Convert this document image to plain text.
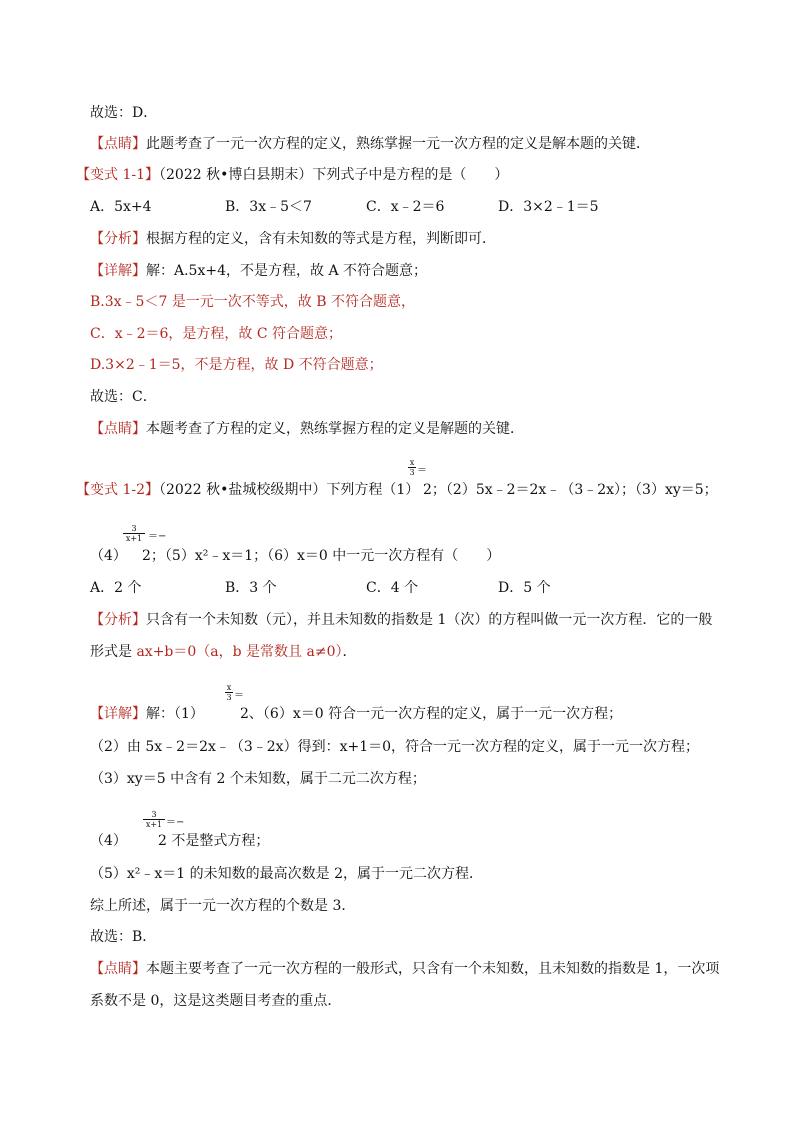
故选：D．
【点睛】此题考查了一元一次方程的定义，熟练掌握一元一次方程的定义是解本题的关键．
【变式 1-1】（2022 秋•博白县期末）下列式子中是方程的是（　　）
A．5x+4	B．3x﹣5＜7	C．x﹣2＝6	D．3×2﹣1＝5
【分析】根据方程的定义，含有未知数的等式是方程，判断即可．
【详解】解：A.5x+4，不是方程，故 A 不符合题意；
B.3x﹣5＜7 是一元一次不等式，故 B 不符合题意，
C．x﹣2＝6，是方程，故 C 符合题意；
D.3×2﹣1＝5，不是方程，故 D 不符合题意；
故选：C．
【点睛】本题考查了方程的定义，熟练掌握方程的定义是解题的关键．
【变式 1-2】（2022 秋•盐城校级期中）下列方程（1）
x
3 ＝
2；（2）5x﹣2＝2x﹣（3﹣2x）；（3）xy＝5；
3
x+1 ＝−
（4） 2；（5）x²﹣x＝1；（6）x＝0 中一元一次方程有（　　）
A．2 个	B．3 个	C．4 个	D．5 个
【分析】只含有一个未知数（元），并且未知数的指数是 1（次）的方程叫做一元一次方程．它的一般
形式是 ax+b＝0（a，b 是常数且 a≠0）．
【详解】解：（1）
x
3 ＝
2、（6）x＝0 符合一元一次方程的定义，属于一元一次方程；
（2）由 5x﹣2＝2x﹣（3﹣2x）得到：x+1＝0，符合一元一次方程的定义，属于一元一次方程；
（3）xy＝5 中含有 2 个未知数，属于二元二次方程；
（4）
3
x+1 ＝−
2 不是整式方程；
（5）x²﹣x＝1 的未知数的最高次数是 2，属于一元二次方程．
综上所述，属于一元一次方程的个数是 3．
故选：B．
【点睛】本题主要考查了一元一次方程的一般形式，只含有一个未知数，且未知数的指数是 1，一次项
系数不是 0，这是这类题目考查的重点．
